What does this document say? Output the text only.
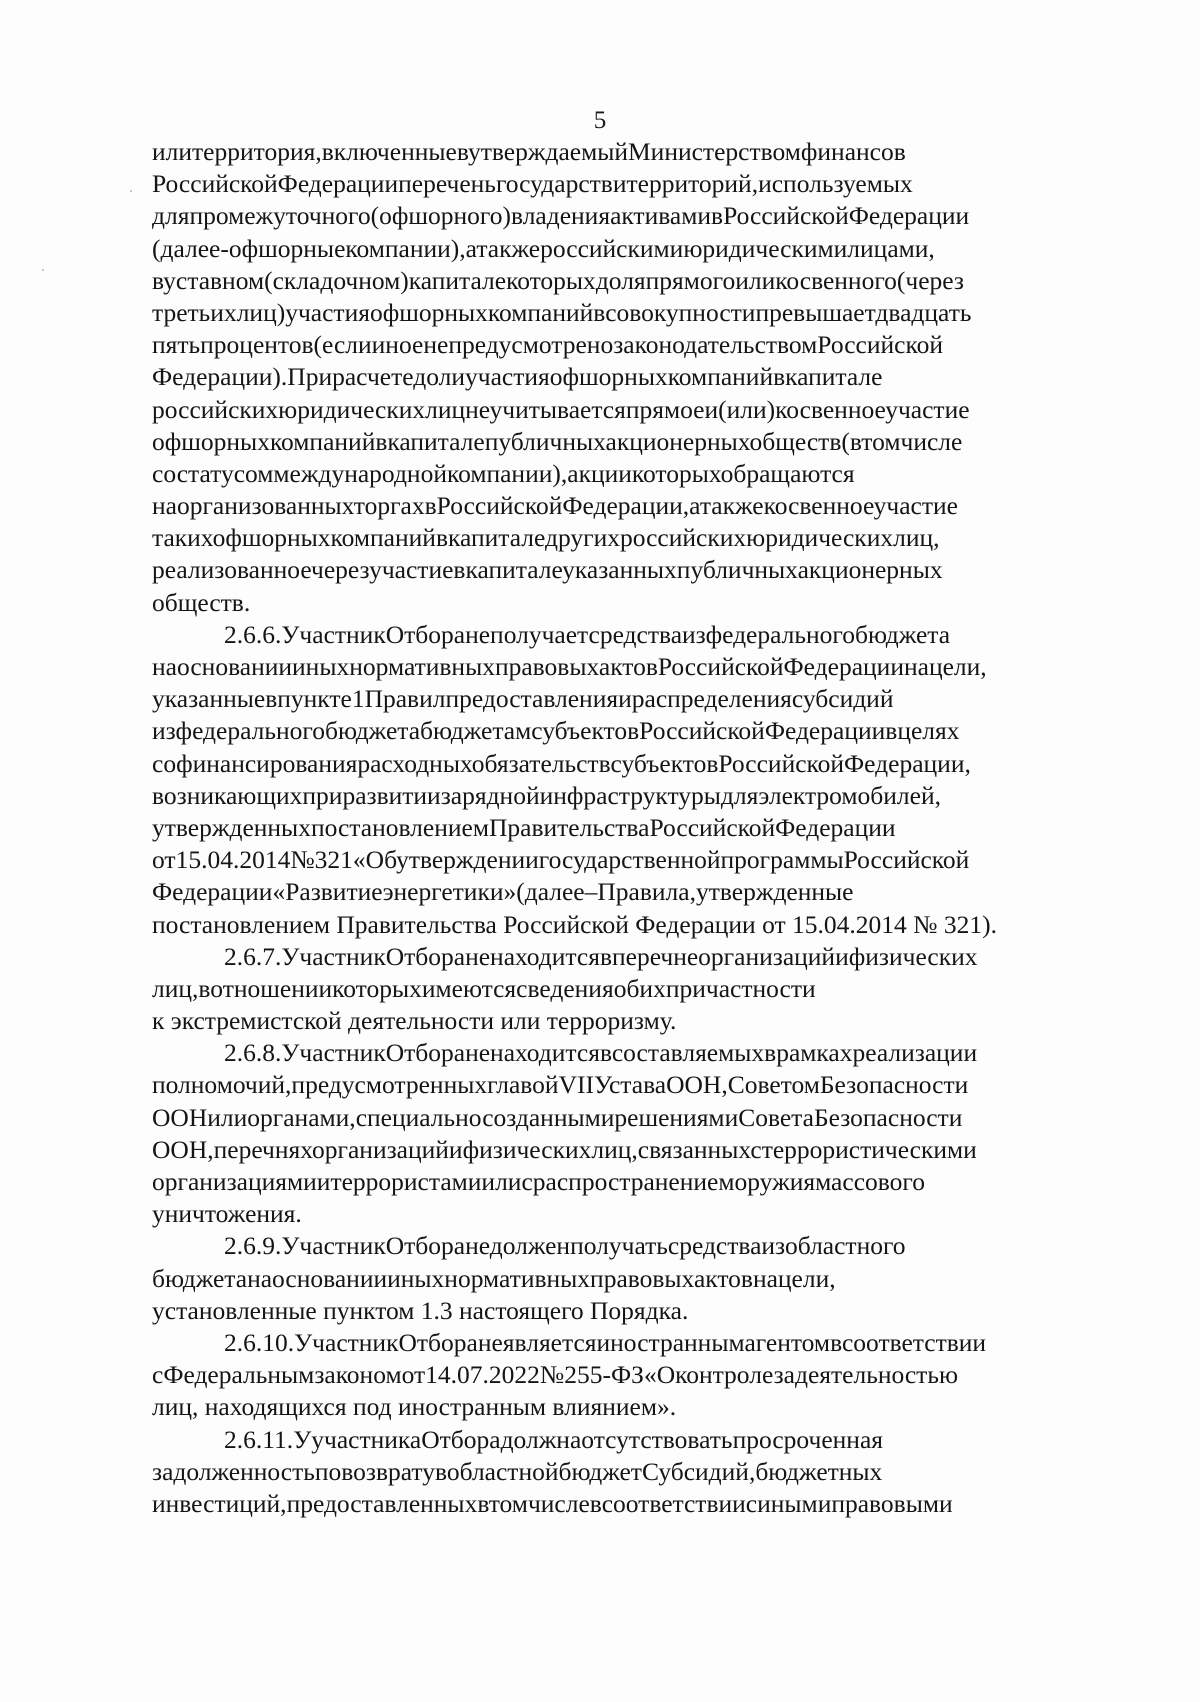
5
илитерритория,включенныевутверждаемыйМинистерствомфинансов
РоссийскойФедерациипереченьгосударствитерриторий,используемых
дляпромежуточного(офшорного)владенияактивамивРоссийскойФедерации
(далее-офшорныекомпании),атакжероссийскимиюридическимилицами,
вуставном(складочном)капиталекоторыхдоляпрямогоиликосвенного(через
третьихлиц)участияофшорныхкомпанийвсовокупностипревышаетдвадцать
пятьпроцентов(еслииноенепредусмотренозаконодательствомРоссийской
Федерации).Прирасчетедолиучастияофшорныхкомпанийвкапитале
российскихюридическихлицнеучитываетсяпрямоеи(или)косвенноеучастие
офшорныхкомпанийвкапиталепубличныхакционерныхобществ(втомчисле
состатусоммеждународнойкомпании),акциикоторыхобращаются
наорганизованныхторгахвРоссийскойФедерации,атакжекосвенноеучастие
такихофшорныхкомпанийвкапиталедругихроссийскихюридическихлиц,
реализованноечерезучастиевкапиталеуказанныхпубличныхакционерных
обществ.
2.6.6.УчастникОтборанеполучаетсредстваизфедеральногобюджета
наоснованиииныхнормативныхправовыхактовРоссийскойФедерациинацели,
указанныевпункте1Правилпредоставленияираспределениясубсидий
изфедеральногобюджетабюджетамсубъектовРоссийскойФедерациивцелях
софинансированиярасходныхобязательствсубъектовРоссийскойФедерации,
возникающихприразвитиизаряднойинфраструктурыдляэлектромобилей,
утвержденныхпостановлениемПравительстваРоссийскойФедерации
от15.04.2014№321«ОбутверждениигосударственнойпрограммыРоссийской
Федерации«Развитиеэнергетики»(далее–Правила,утвержденные
постановлением Правительства Российской Федерации от 15.04.2014 № 321).
2.6.7.УчастникОтбораненаходитсявперечнеорганизацийифизических
лиц,вотношениикоторыхимеютсясведенияобихпричастности
к экстремистской деятельности или терроризму.
2.6.8.УчастникОтбораненаходитсявсоставляемыхврамкахреализации
полномочий,предусмотренныхглавойVIIУставаООН,СоветомБезопасности
ООНилиорганами,специальносозданнымирешениямиСоветаБезопасности
ООН,перечняхорганизацийифизическихлиц,связанныхстеррористическими
организациямиитеррористамиилисраспространениеморужиямассового
уничтожения.
2.6.9.УчастникОтборанедолженполучатьсредстваизобластного
бюджетанаоснованиииныхнормативныхправовыхактовнацели,
установленные пунктом 1.3 настоящего Порядка.
2.6.10.УчастникОтборанеявляетсяиностраннымагентомвсоответствии
сФедеральнымзакономот14.07.2022№255-ФЗ«Оконтролезадеятельностью
лиц, находящихся под иностранным влиянием».
2.6.11.УучастникаОтборадолжнаотсутствоватьпросроченная
задолженностьповозвратувобластнойбюджетСубсидий,бюджетных
инвестиций,предоставленныхвтомчислевсоответствиисинымиправовыми
